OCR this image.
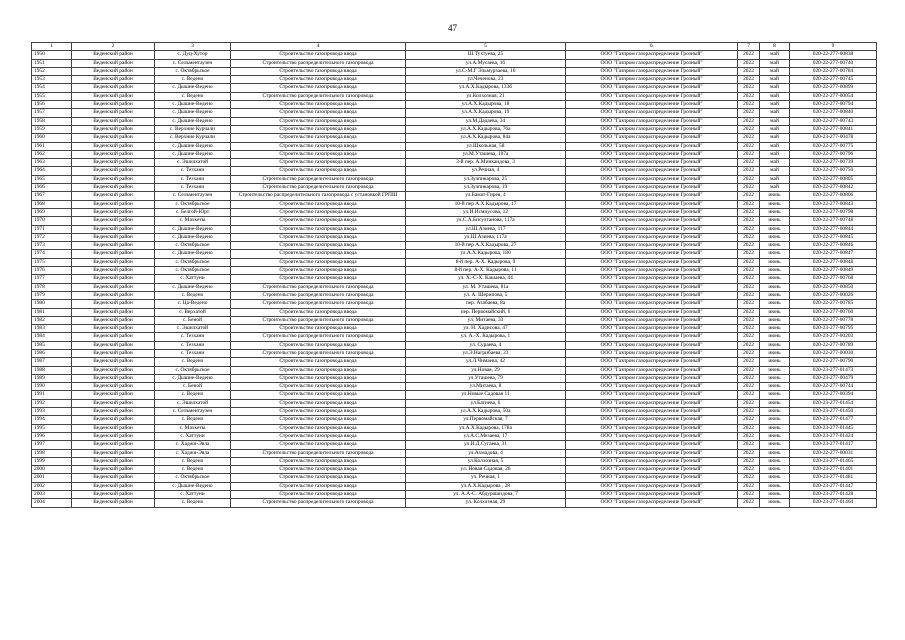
47
1	2	3	4	5	6	7	8	9
1950	Веденский район	с. Дуц-Хутор	Строительство газопровода ввода	Ш.Тухтуева, 25	ООО "Газпром газораспределение Грозный"	2022	май	020-22-277-00838
1951	Веденский район	с. Сельментаузен	Строительство распределительного газопровода	ул.А.Мусаева, 16	ООО "Газпром газораспределение Грозный"	2022	май	020-22-277-00740
1952	Веденский район	с. Октябрьское	Строительство газопровода ввода	ул.С-М.Г Эльмурзаева, 16	ООО "Газпром газораспределение Грозный"	2022	май	020-22-277-00784
1953	Веденский район	с. Ведено	Строительство газопровода ввода	ул.Чеченова, 23	ООО "Газпром газораспределение Грозный"	2022	май	020-22-277-00745
1954	Веденский район	с. Дышне-Ведено	Строительство газопровода ввода	ул.А.Х.Кадырова, 133б	ООО "Газпром газораспределение Грозный"	2022	май	020-22-277-00899
1955	Веденский район	с. Ведено	Строительство распределительного газопровода	ул.Колхозная, 21	ООО "Газпром газораспределение Грозный"	2022	май	020-22-277-00054
1956	Веденский район	с. Дышне-Ведено	Строительство газопровода ввода	ул.А.Х.Кадырова, 18	ООО "Газпром газораспределение Грозный"	2022	май	020-22-277-00794
1957	Веденский район	с. Дышне-Ведено	Строительство газопровода ввода	ул.А.Х.Кадырова, 19	ООО "Газпром газораспределение Грозный"	2022	май	020-22-277-00840
1958	Веденский район	с. Дышне-Ведено	Строительство газопровода ввода	ул.М.Дадаева, 34	ООО "Газпром газораспределение Грозный"	2022	май	020-22-277-00743
1959	Веденский район	с. Верхние Курчали	Строительство газопровода ввода	ул.А.Х.Кадырова, 76а	ООО "Газпром газораспределение Грозный"	2022	май	020-22-277-00841
1960	Веденский район	с. Верхние Курчали	Строительство газопровода ввода	ул.А.Х.Кадырова, 84а	ООО "Газпром газораспределение Грозный"	2022	май	020-23-277-00478
1961	Веденский район	с. Дышне-Ведено	Строительство газопровода ввода	ул.Школьная, 58	ООО "Газпром газораспределение Грозный"	2022	май	020-22-277-00775
1962	Веденский район	с. Дышне-Ведено	Строительство газопровода ввода	ул.М.Уташева, 107а	ООО "Газпром газораспределение Грозный"	2022	май	020-22-277-00796
1963	Веденский район	с. Эшилхатой	Строительство газопровода ввода	3-й пер. А.Минкаидова, 3	ООО "Газпром газораспределение Грозный"	2022	май	020-22-277-00739
1964	Веденский район	с. Тезхани	Строительство газопровода ввода	ул.Речная, 4	ООО "Газпром газораспределение Грозный"	2022	май	020-22-277-00750
1965	Веденский район	с. Тезхани	Строительство распределительного газопровода	ул.Зулпикарова, 25	ООО "Газпром газораспределение Грозный"	2022	май	020-22-277-00805
1966	Веденский район	с. Тезхани	Строительство распределительного газопровода	ул.Зулпикарова, 19	ООО "Газпром газораспределение Грозный"	2022	май	020-22-277-00842
1967	Веденский район	с. Сельментаузен	Строительство распределительного газопровода с установкой ГРПШ	ул.Бамат-Гирея, 4	ООО "Газпром газораспределение Грозный"	2022	июнь	020-22-277-00806
1968	Веденский район	с. Октябрьское	Строительство газопровода ввода	10-й пер А.Х.Кадырова, 17	ООО "Газпром газораспределение Грозный"	2022	июнь	020-22-277-00843
1969	Веденский район	с. Белгой-Юрт	Строительство газопровода ввода	ул.И.Исмиусова, 12	ООО "Газпром газораспределение Грозный"	2022	июнь	020-22-277-00798
1970	Веденский район	с. Махкеты	Строительство газопровода ввода	ул.С.А.Бисултанова, 117а	ООО "Газпром газораспределение Грозный"	2022	июнь	020-22-277-00748
1971	Веденский район	с. Дышне-Ведено	Строительство газопровода ввода	ул.Ш.Азиева, 117	ООО "Газпром газораспределение Грозный"	2022	июнь	020-22-277-00844
1972	Веденский район	с. Дышне-Ведено	Строительство газопровода ввода	ул.Ш.Азиева, 117а	ООО "Газпром газораспределение Грозный"	2022	июнь	020-22-277-00845
1973	Веденский район	с. Октябрьское	Строительство газопровода ввода	10-й пер А.Х.Кадырова, 27	ООО "Газпром газораспределение Грозный"	2022	июнь	020-22-277-00846
1974	Веденский район	с. Дышне-Ведено	Строительство газопровода ввода	ул.А.Х.Кадырова, 180	ООО "Газпром газораспределение Грозный"	2022	июнь	020-22-277-00847
1975	Веденский район	с. Октябрьское	Строительство газопровода ввода	8-й пер. А-Х. Кадырова, 9	ООО "Газпром газораспределение Грозный"	2022	июнь	020-22-277-00848
1976	Веденский район	с. Октябрьское	Строительство газопровода ввода	8-й пер. А-Х. Кадырова, 11	ООО "Газпром газораспределение Грозный"	2022	июнь	020-22-277-00849
1977	Веденский район	с. Хаттуни	Строительство газопровода ввода	ул. Х.-С-Х. Кашаева, 44	ООО "Газпром газораспределение Грозный"	2022	июнь	020-22-277-00768
1978	Веденский район	с. Дышне-Ведено	Строительство распределительного газопровода	ул. М. Уташева, 81а	ООО "Газпром газораспределение Грозный"	2022	июнь	020-22-277-00850
1979	Веденский район	с. Ведено	Строительство распределительного газопровода	ул. А. Шерипова, 5	ООО "Газпром газораспределение Грозный"	2022	июнь	020-22-277-00026
1980	Веденский район	с. Ца-Ведено	Строительство распределительного газопровода	пер. Атабаева, 8а	ООО "Газпром газораспределение Грозный"	2022	июнь	020-22-277-00785
1981	Веденский район	с. Верхатой	Строительство газопровода ввода	пер. Первомайский, 6	ООО "Газпром газораспределение Грозный"	2022	июнь	020-22-277-00760
1982	Веденский район	с. Беной	Строительство распределительного газопровода	ул. Митаева, 33	ООО "Газпром газораспределение Грозный"	2022	июнь	020-22-277-00778
1983	Веденский район	с. Эшилхатой	Строительство газопровода ввода	ул. Н. Хадисова, 47	ООО "Газпром газораспределение Грозный"	2022	июнь	020-23-277-00795
1984	Веденский район	с. Тезхани	Строительство распределительного газопровода	ул. А.-Х. Кадырова, 1	ООО "Газпром газораспределение Грозный"	2022	июнь	020-23-277-00203
1985	Веденский район	с. Тезхани	Строительство газопровода ввода	ул. Сураева, 4	ООО "Газпром газораспределение Грозный"	2022	июнь	020-22-277-00789
1986	Веденский район	с. Тезхани	Строительство распределительного газопровода	ул.Э.Нагрибаева, 23	ООО "Газпром газораспределение Грозный"	2022	июнь	020-22-277-00030
1987	Веденский район	с. Ведено	Строительство газопровода ввода	ул.Л.Чимаева, 42	ООО "Газпром газораспределение Грозный"	2022	июнь	020-22-277-00790
1988	Веденский район	с. Октябрьское	Строительство газопровода ввода	ул.Новая, 29	ООО "Газпром газораспределение Грозный"	2022	июнь	020-23-277-01473
1989	Веденский район	с. Дышне-Ведено	Строительство газопровода ввода	ул.Уташева, 79	ООО "Газпром газораспределение Грозный"	2022	июнь	020-23-277-00479
1990	Веденский район	с. Беной	Строительство газопровода ввода	ул.Митаева, 8	ООО "Газпром газораспределение Грозный"	2022	июнь	020-22-277-00744
1991	Веденский район	с. Ведено	Строительство газопровода ввода	ул.Новые Садовая 11	ООО "Газпром газораспределение Грозный"	2022	июнь	020-22-277-00394
1992	Веденский район	с. Эшилхатой	Строительство газопровода ввода	ул.Батиева, 6	ООО "Газпром газораспределение Грозный"	2022	июнь	020-23-277-01454
1993	Веденский район	с. Сельментаузен	Строительство газопровода ввода	ул.А.Х.Кадырова, 50а	ООО "Газпром газораспределение Грозный"	2022	июнь	020-23-277-01450
1994	Веденский район	с. Ведено	Строительство газопровода ввода	ул.Первомайская, 7	ООО "Газпром газораспределение Грозный"	2022	июнь	020-23-277-01477
1995	Веденский район	с. Махкеты	Строительство газопровода ввода	ул.А.Х.Кадырова, 178а	ООО "Газпром газораспределение Грозный"	2022	июнь	020-23-277-01445
1996	Веденский район	с. Хаттуни	Строительство газопровода ввода	ул.А.С.Мезаева, 17	ООО "Газпром газораспределение Грозный"	2022	июнь	020-23-277-01424
1997	Веденский район	с. Хаджи-Эвла	Строительство газопровода ввода	ул.И.Д.Сугаева, 31	ООО "Газпром газораспределение Грозный"	2022	июнь	020-23-277-01417
1998	Веденский район	с. Хаджи-Эвла	Строительство распределительного газопровода	ул.Ахмадова, 4	ООО "Газпром газораспределение Грозный"	2022	июнь	020-22-277-00031
1999	Веденский район	с. Ведено	Строительство газопровода ввода	ул.Колхозная, 5	ООО "Газпром газораспределение Грозный"	2022	июнь	020-23-277-01465
2000	Веденский район	с. Ведено	Строительство газопровода ввода	ул. Новая Садовая, 26	ООО "Газпром газораспределение Грозный"	2022	июнь	020-23-277-01401
2001	Веденский район	с. Октябрьское	Строительство газопровода ввода	ул. Речная, 1	ООО "Газпром газораспределение Грозный"	2022	июнь	020-23-277-01481
2002	Веденский район	с. Дышне-Ведено	Строительство газопровода ввода	ул.А.Х.Кадырова , 28	ООО "Газпром газораспределение Грозный"	2022	июнь	020-23-277-01447
2003	Веденский район	с. Хаттуни	Строительство газопровода ввода	ул. А.А-С. Абдурашидова, 7	ООО "Газпром газораспределение Грозный"	2022	июнь	020-23-277-01428
2004	Веденский район	с. Ведено	Строительство распределительного газопровода	ул. Колхозная, 29	ООО "Газпром газораспределение Грозный"	2022	июнь	020-23-277-01464
